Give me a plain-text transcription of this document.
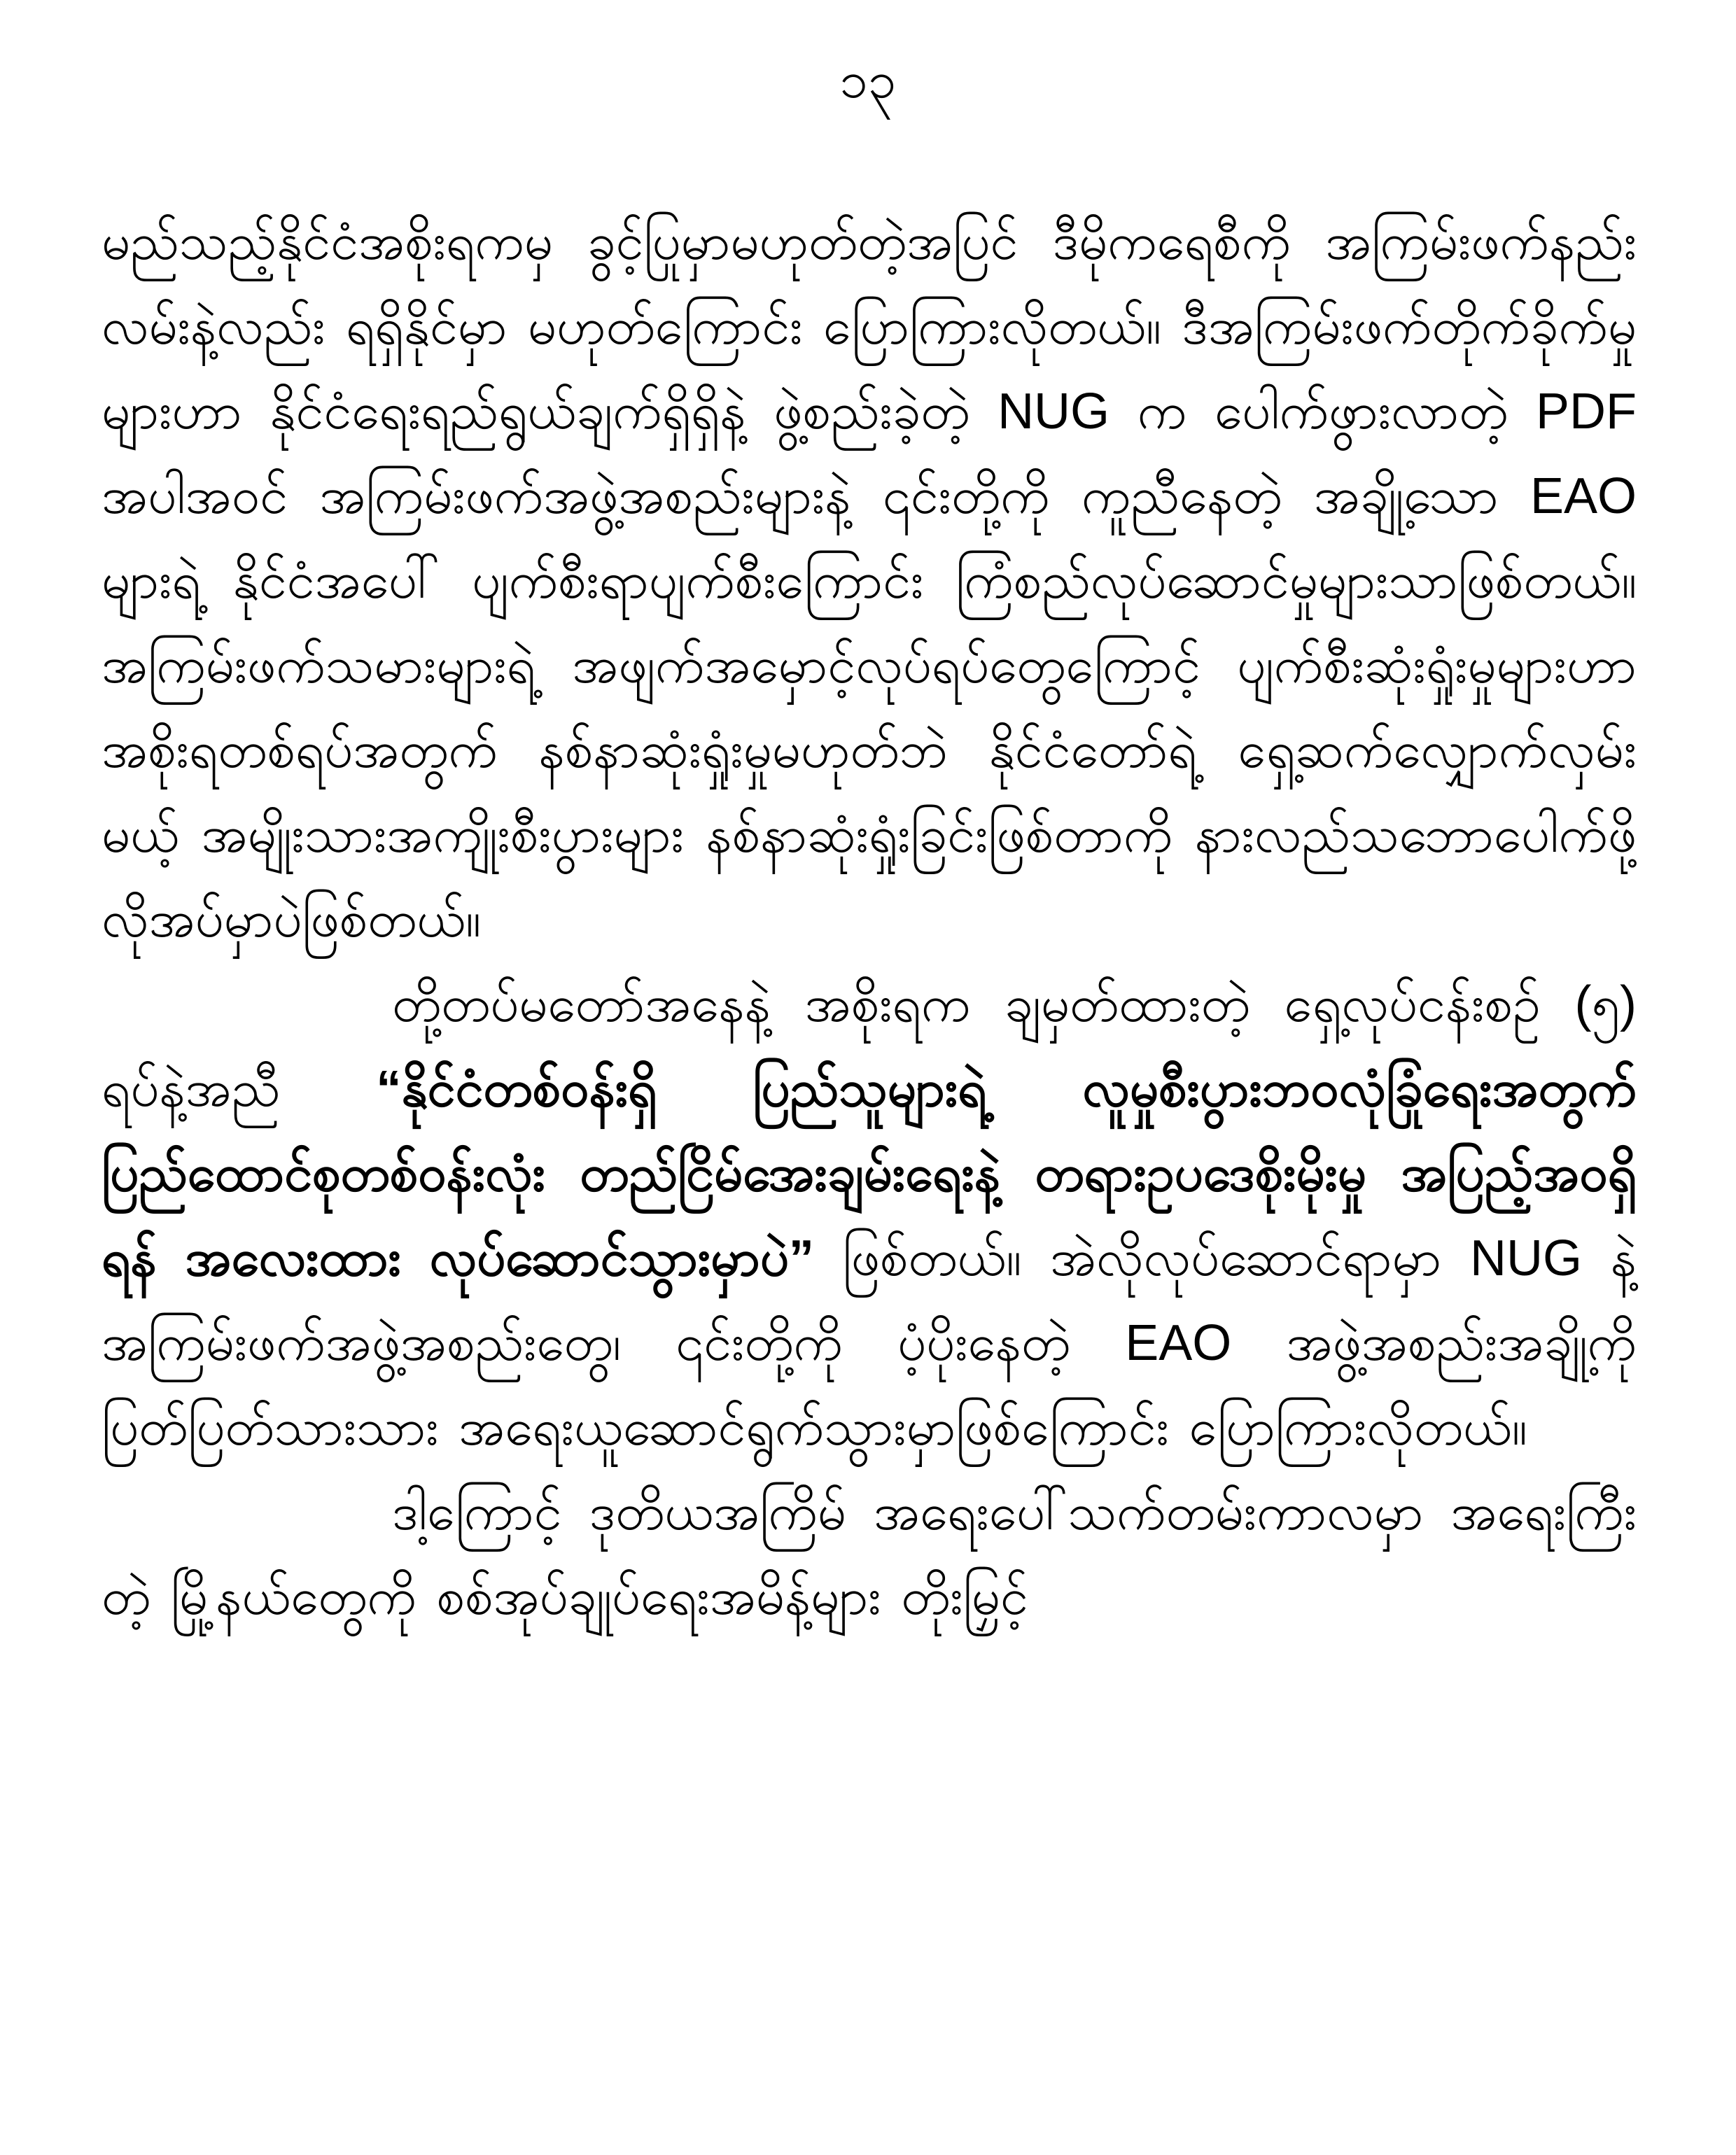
၁၃

မည်သည့်နိုင်ငံအစိုးရကမှ ခွင့်ပြုမှာမဟုတ်တဲ့အပြင် ဒီမိုကရေစီကို အကြမ်းဖက်နည်းလမ်းနဲ့လည်း ရရှိနိုင်မှာ မဟုတ်ကြောင်း ပြောကြားလိုတယ်။ ဒီအကြမ်းဖက်တိုက်ခိုက်မှုများဟာ နိုင်ငံရေးရည်ရွယ်ချက်ရှိရှိနဲ့ ဖွဲ့စည်းခဲ့တဲ့ NUG က ပေါက်ဖွားလာတဲ့ PDF အပါအဝင် အကြမ်းဖက်အဖွဲ့အစည်းများနဲ့ ၎င်းတို့ကို ကူညီနေတဲ့ အချို့သော EAO များရဲ့ နိုင်ငံအပေါ် ပျက်စီးရာပျက်စီးကြောင်း ကြံစည်လုပ်ဆောင်မှုများသာဖြစ်တယ်။ အကြမ်းဖက်သမားများရဲ့ အဖျက်အမှောင့်လုပ်ရပ်တွေကြောင့် ပျက်စီးဆုံးရှုံးမှုများဟာ အစိုးရတစ်ရပ်အတွက် နစ်နာဆုံးရှုံးမှုမဟုတ်ဘဲ နိုင်ငံတော်ရဲ့ ရှေ့ဆက်လျှောက်လှမ်းမယ့် အမျိုးသားအကျိုးစီးပွားများ နစ်နာဆုံးရှုံးခြင်းဖြစ်တာကို နားလည်သဘောပေါက်ဖို့ လိုအပ်မှာပဲဖြစ်တယ်။

တို့တပ်မတော်အနေနဲ့ အစိုးရက ချမှတ်ထားတဲ့ ရှေ့လုပ်ငန်းစဉ် (၅) ရပ်နဲ့အညီ “နိုင်ငံတစ်ဝန်းရှိ ပြည်သူများရဲ့ လူမှုစီးပွားဘဝလုံခြုံရေးအတွက် ပြည်ထောင်စုတစ်ဝန်းလုံး တည်ငြိမ်အေးချမ်းရေးနဲ့ တရားဥပဒေစိုးမိုးမှု အပြည့်အဝရှိရန် အလေးထား လုပ်ဆောင်သွားမှာပဲ” ဖြစ်တယ်။ အဲလိုလုပ်ဆောင်ရာမှာ NUG နဲ့ အကြမ်းဖက်အဖွဲ့အစည်းတွေ၊ ၎င်းတို့ကို ပံ့ပိုးနေတဲ့ EAO အဖွဲ့အစည်းအချို့ကို ပြတ်ပြတ်သားသား အရေးယူဆောင်ရွက်သွားမှာဖြစ်ကြောင်း ပြောကြားလိုတယ်။

ဒါ့ကြောင့် ဒုတိယအကြိမ် အရေးပေါ်သက်တမ်းကာလမှာ အရေးကြီးတဲ့ မြို့နယ်တွေကို စစ်အုပ်ချုပ်ရေးအမိန့်များ တိုးမြှင့်
